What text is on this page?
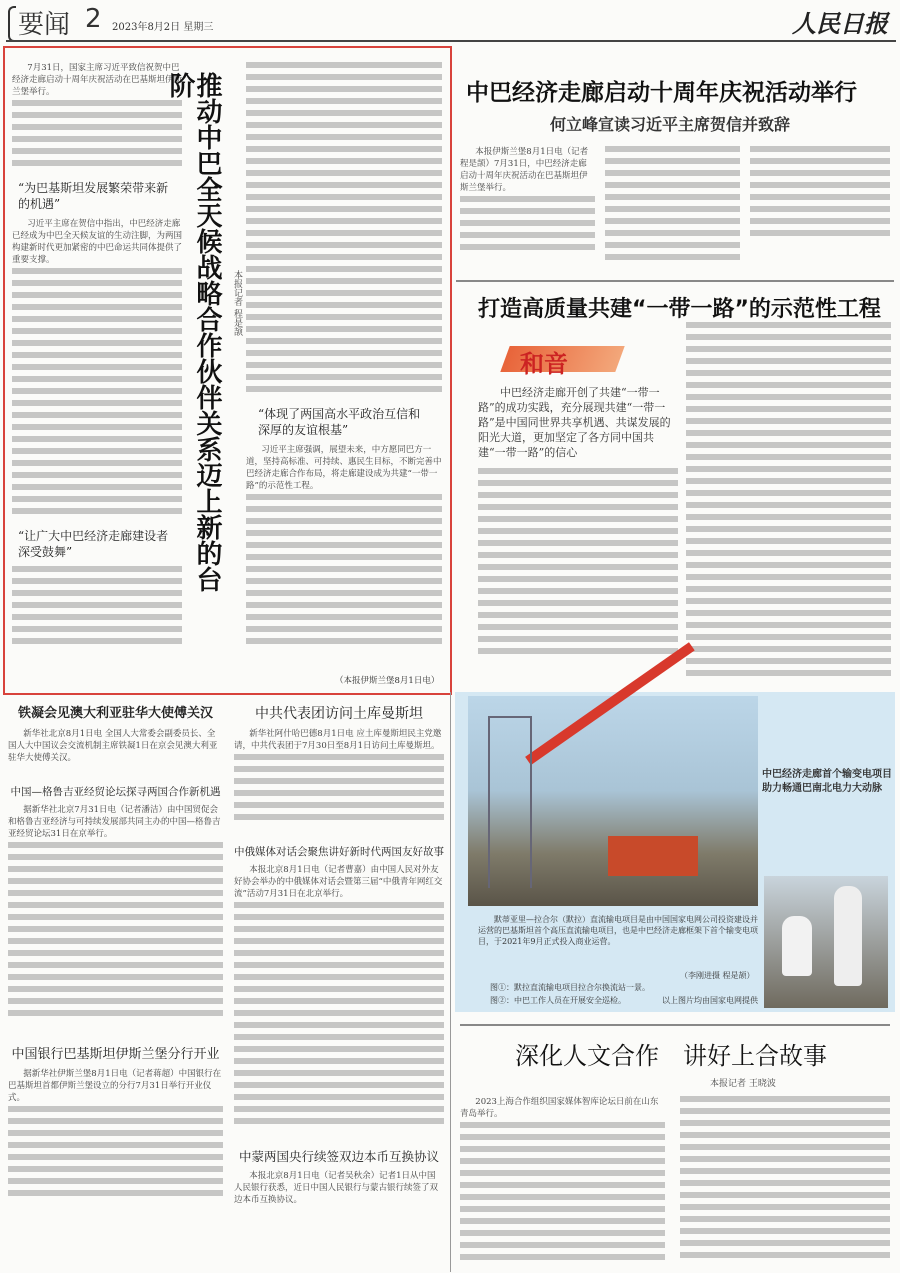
要闻 2 2023年8月2日 星期三	人民日报
7月31日，国家主席习近平致信祝贺中巴经济走廊启动十周年庆祝活动在巴基斯坦伊斯兰堡举行。
“为巴基斯坦发展繁荣带来新的机遇”
习近平主席在贺信中指出，中巴经济走廊已经成为中巴全天候友谊的生动注脚，为两国构建新时代更加紧密的中巴命运共同体提供了重要支撑。
“让广大中巴经济走廊建设者深受鼓舞”	推动中巴全天候战略合作伙伴关系迈上新的台阶
本报记者 程是颉
“体现了两国高水平政治互信和深厚的友谊根基”
习近平主席强调，展望未来，中方愿同巴方一道，坚持高标准、可持续、惠民生目标，不断完善中巴经济走廊合作布局，将走廊建设成为共建“一带一路”的示范性工程。
（本报伊斯兰堡8月1日电）
中巴经济走廊启动十周年庆祝活动举行
何立峰宣读习近平主席贺信并致辞
本报伊斯兰堡8月1日电（记者程是颉）7月31日，中巴经济走廊启动十周年庆祝活动在巴基斯坦伊斯兰堡举行。
打造高质量共建“一带一路”的示范性工程
和音
中巴经济走廊开创了共建“一带一路”的成功实践，充分展现共建“一带一路”是中国同世界共享机遇、共谋发展的阳光大道，更加坚定了各方同中国共建“一带一路”的信心
中巴经济走廊首个输变电项目
助力畅通巴南北电力大动脉
默蒂亚里—拉合尔（默拉）直流输电项目是由中国国家电网公司投资建设并运营的巴基斯坦首个高压直流输电项目，也是中巴经济走廊框架下首个输变电项目，于2021年9月正式投入商业运营。
（李刚进摄 程是颉）
图①：默拉直流输电项目拉合尔换流站一景。
图②：中巴工作人员在开展安全巡检。	以上图片均由国家电网提供
深化人文合作　讲好上合故事
本报记者 王晓波
2023上海合作组织国家媒体智库论坛日前在山东青岛举行。
铁凝会见澳大利亚驻华大使傅关汉
新华社北京8月1日电 全国人大常委会副委员长、全国人大中国议会交流机制主席铁凝1日在京会见澳大利亚驻华大使傅关汉。
中国—格鲁吉亚经贸论坛探寻两国合作新机遇
据新华社北京7月31日电（记者潘洁）由中国贸促会和格鲁吉亚经济与可持续发展部共同主办的中国—格鲁吉亚经贸论坛31日在京举行。
中国银行巴基斯坦伊斯兰堡分行开业
据新华社伊斯兰堡8月1日电（记者蒋超）中国银行在巴基斯坦首都伊斯兰堡设立的分行7月31日举行开业仪式。
中共代表团访问土库曼斯坦
新华社阿什哈巴德8月1日电 应土库曼斯坦民主党邀请，中共代表团于7月30日至8月1日访问土库曼斯坦。
中俄媒体对话会聚焦讲好新时代两国友好故事
本报北京8月1日电（记者曹嘉）由中国人民对外友好协会举办的中俄媒体对话会暨第三届“中俄青年网红交流”活动7月31日在北京举行。
中蒙两国央行续签双边本币互换协议
本报北京8月1日电（记者吴秋余）记者1日从中国人民银行获悉，近日中国人民银行与蒙古银行续签了双边本币互换协议。
